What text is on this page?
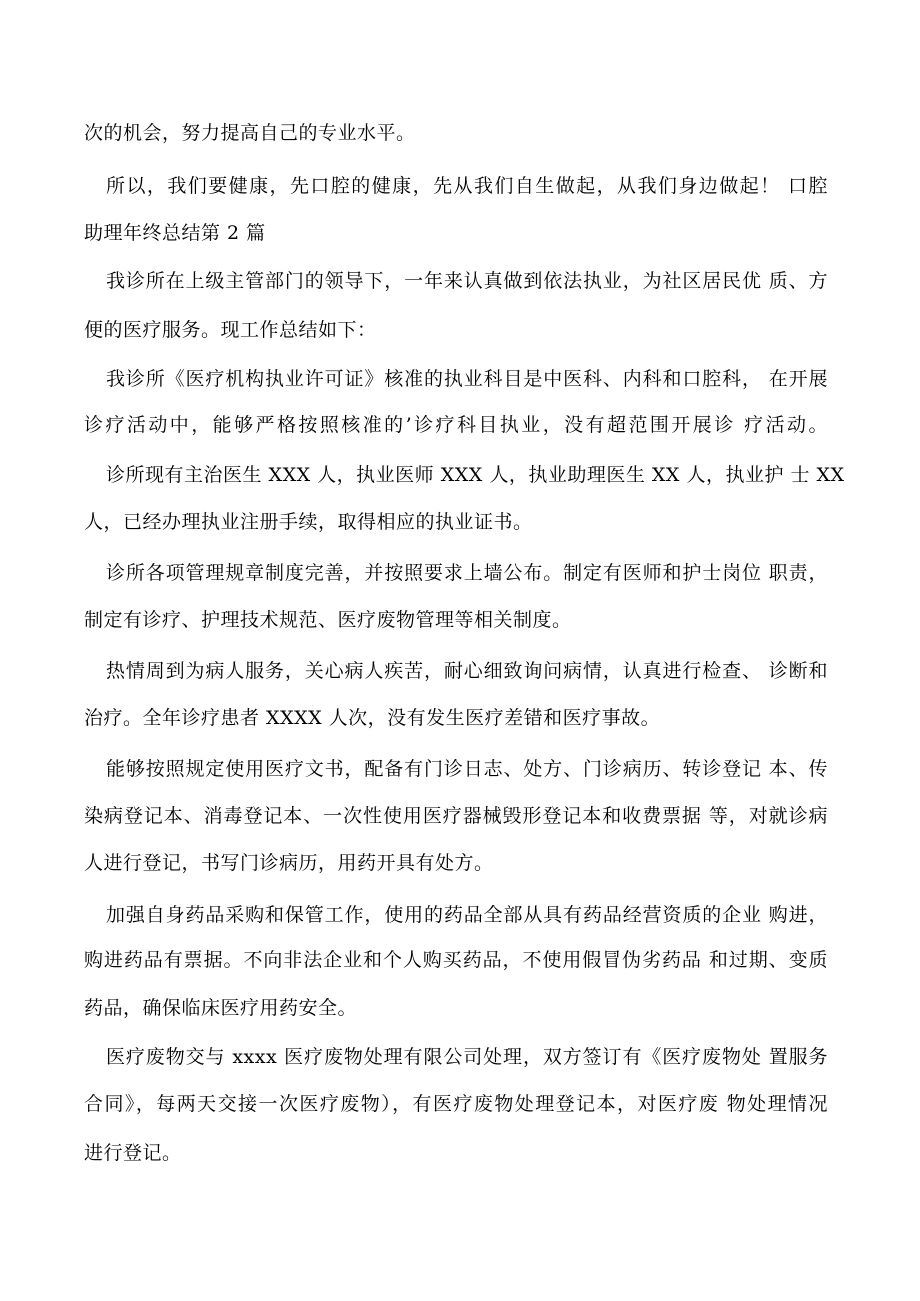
次的机会，努力提高自己的专业水平。
所以，我们要健康，先口腔的健康，先从我们自生做起，从我们身边做起！ 口腔
助理年终总结第 2 篇
我诊所在上级主管部门的领导下，一年来认真做到依法执业，为社区居民优 质、方
便的医疗服务。现工作总结如下：
我诊所《医疗机构执业许可证》核准的执业科目是中医科、内科和口腔科， 在开展
诊疗活动中，能够严格按照核准的’诊疗科目执业，没有超范围开展诊 疗活动。
诊所现有主治医生 XXX 人，执业医师 XXX 人，执业助理医生 XX 人，执业护 士 XX
人，已经办理执业注册手续，取得相应的执业证书。
诊所各项管理规章制度完善，并按照要求上墙公布。制定有医师和护士岗位 职责，
制定有诊疗、护理技术规范、医疗废物管理等相关制度。
热情周到为病人服务，关心病人疾苦，耐心细致询问病情，认真进行检查、 诊断和
治疗。全年诊疗患者 XXXX 人次，没有发生医疗差错和医疗事故。
能够按照规定使用医疗文书，配备有门诊日志、处方、门诊病历、转诊登记 本、传
染病登记本、消毒登记本、一次性使用医疗器械毁形登记本和收费票据 等，对就诊病
人进行登记，书写门诊病历，用药开具有处方。
加强自身药品采购和保管工作，使用的药品全部从具有药品经营资质的企业 购进，
购进药品有票据。不向非法企业和个人购买药品，不使用假冒伪劣药品 和过期、变质
药品，确保临床医疗用药安全。
医疗废物交与 xxxx 医疗废物处理有限公司处理，双方签订有《医疗废物处 置服务
合同》，每两天交接一次医疗废物），有医疗废物处理登记本，对医疗废 物处理情况
进行登记。
